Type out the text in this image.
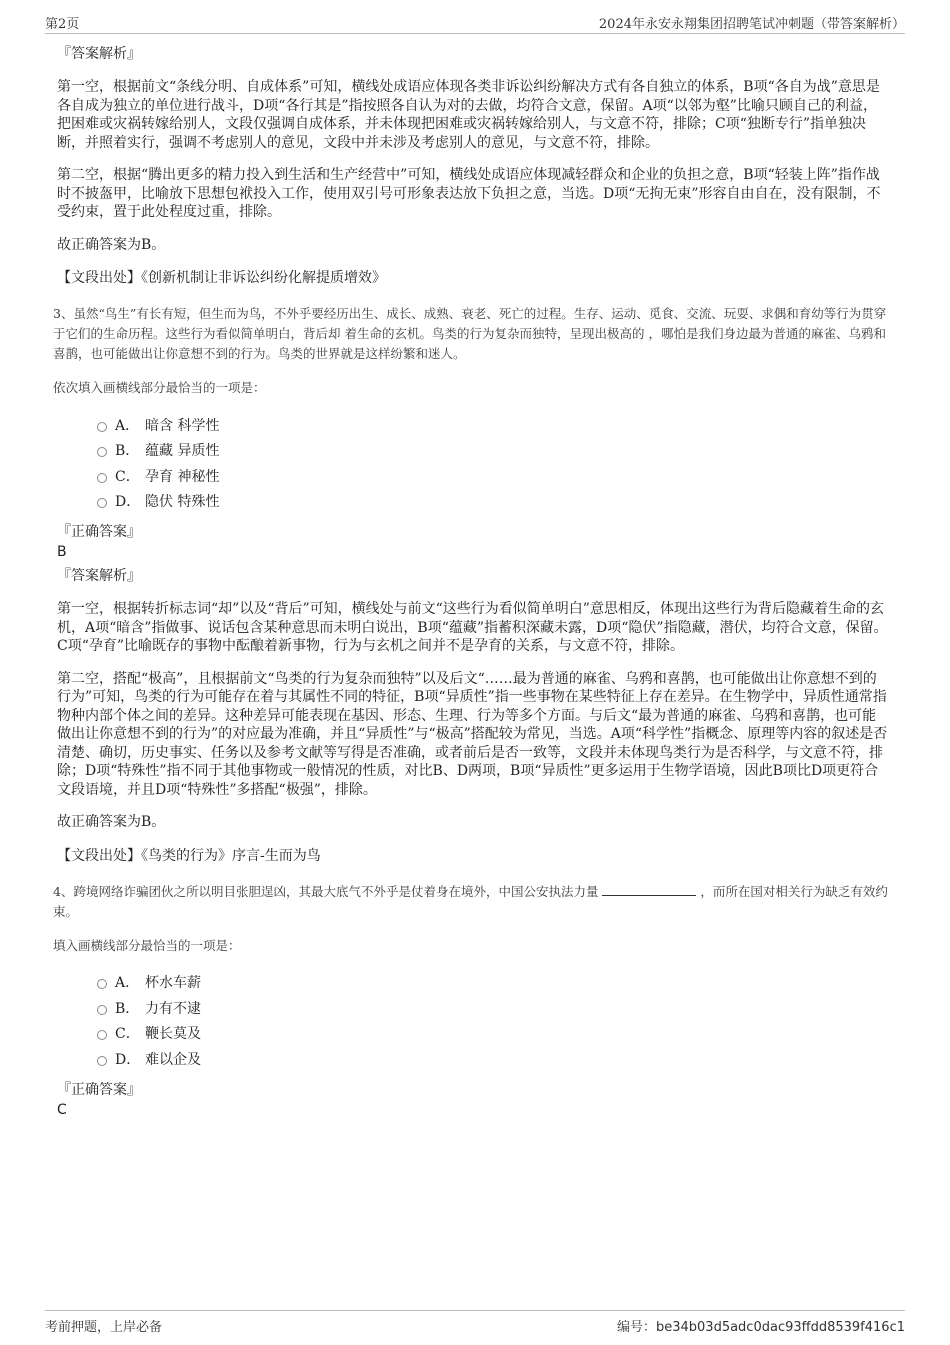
第2页	2024年永安永翔集团招聘笔试冲刺题（带答案解析）
『答案解析』

第一空，根据前文“条线分明、自成体系”可知，横线处成语应体现各类非诉讼纠纷解决方式有各自独立的体系，B项“各自为战”意思是各自成为独立的单位进行战斗，D项“各行其是”指按照各自认为对的去做，均符合文意，保留。A项“以邻为壑”比喻只顾自己的利益，把困难或灾祸转嫁给别人，文段仅强调自成体系，并未体现把困难或灾祸转嫁给别人，与文意不符，排除；C项“独断专行”指单独决断，并照着实行，强调不考虑别人的意见，文段中并未涉及考虑别人的意见，与文意不符，排除。

第二空，根据“腾出更多的精力投入到生活和生产经营中”可知，横线处成语应体现减轻群众和企业的负担之意，B项“轻装上阵”指作战时不披盔甲，比喻放下思想包袱投入工作，使用双引号可形象表达放下负担之意，当选。D项“无拘无束”形容自由自在，没有限制，不受约束，置于此处程度过重，排除。

故正确答案为B。

【文段出处】《创新机制让非诉讼纠纷化解提质增效》

3、虽然“鸟生”有长有短，但生而为鸟，不外乎要经历出生、成长、成熟、衰老、死亡的过程。生存、运动、觅食、交流、玩耍、求偶和育幼等行为贯穿于它们的生命历程。这些行为看似简单明白，背后却 着生命的玄机。鸟类的行为复杂而独特，呈现出极高的 ，哪怕是我们身边最为普通的麻雀、乌鸦和喜鹊，也可能做出让你意想不到的行为。鸟类的世界就是这样纷繁和迷人。

依次填入画横线部分最恰当的一项是：

A． 暗含 科学性
B． 蕴藏 异质性
C． 孕育 神秘性
D． 隐伏 特殊性
『正确答案』
B
『答案解析』

第一空，根据转折标志词“却”以及“背后”可知，横线处与前文“这些行为看似简单明白”意思相反，体现出这些行为背后隐藏着生命的玄机，A项“暗含”指做事、说话包含某种意思而未明白说出，B项“蕴藏”指蓄积深藏未露，D项“隐伏”指隐藏，潜伏，均符合文意，保留。C项“孕育”比喻既存的事物中酝酿着新事物，行为与玄机之间并不是孕育的关系，与文意不符，排除。

第二空，搭配“极高”，且根据前文“鸟类的行为复杂而独特”以及后文“……最为普通的麻雀、乌鸦和喜鹊，也可能做出让你意想不到的行为”可知，鸟类的行为可能存在着与其属性不同的特征，B项“异质性”指一些事物在某些特征上存在差异。在生物学中，异质性通常指物种内部个体之间的差异。这种差异可能表现在基因、形态、生理、行为等多个方面。与后文“最为普通的麻雀、乌鸦和喜鹊，也可能做出让你意想不到的行为”的对应最为准确，并且“异质性”与“极高”搭配较为常见，当选。A项“科学性”指概念、原理等内容的叙述是否清楚、确切，历史事实、任务以及参考文献等写得是否准确，或者前后是否一致等，文段并未体现鸟类行为是否科学，与文意不符，排除；D项“特殊性”指不同于其他事物或一般情况的性质，对比B、D两项，B项“异质性”更多运用于生物学语境，因此B项比D项更符合文段语境，并且D项“特殊性”多搭配“极强”，排除。

故正确答案为B。

【文段出处】《鸟类的行为》序言-生而为鸟

4、跨境网络诈骗团伙之所以明目张胆逞凶，其最大底气不外乎是仗着身在境外，中国公安执法力量	，而所在国对相关行为缺乏有效约束。

填入画横线部分最恰当的一项是：

A． 杯水车薪
B． 力有不逮
C． 鞭长莫及
D． 难以企及
『正确答案』
C
考前押题，上岸必备	编号：be34b03d5adc0dac93ffdd8539f416c1
